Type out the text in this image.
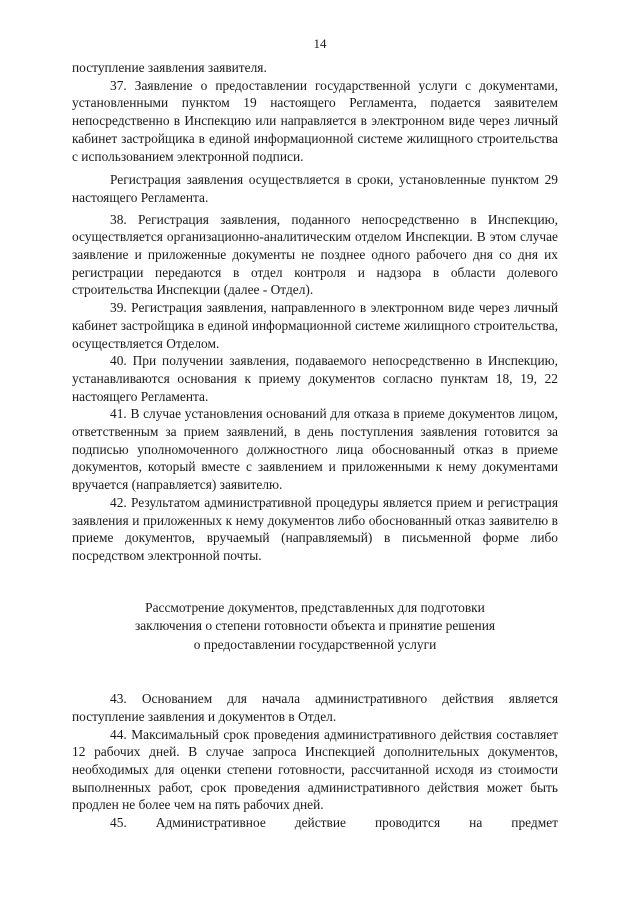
14

поступление заявления заявителя.

37. Заявление о предоставлении государственной услуги с документами, установленными пунктом 19 настоящего Регламента, подается заявителем непосредственно в Инспекцию или направляется в электронном виде через личный кабинет застройщика в единой информационной системе жилищного строительства с использованием электронной подписи.

Регистрация заявления осуществляется в сроки, установленные пунктом 29 настоящего Регламента.

38. Регистрация заявления, поданного непосредственно в Инспекцию, осуществляется организационно-аналитическим отделом Инспекции. В этом случае заявление и приложенные документы не позднее одного рабочего дня со дня их регистрации передаются в отдел контроля и надзора в области долевого строительства Инспекции (далее - Отдел).

39. Регистрация заявления, направленного в электронном виде через личный кабинет застройщика в единой информационной системе жилищного строительства, осуществляется Отделом.

40. При получении заявления, подаваемого непосредственно в Инспекцию, устанавливаются основания к приему документов согласно пунктам 18, 19, 22 настоящего Регламента.

41. В случае установления оснований для отказа в приеме документов лицом, ответственным за прием заявлений, в день поступления заявления готовится за подписью уполномоченного должностного лица обоснованный отказ в приеме документов, который вместе с заявлением и приложенными к нему документами вручается (направляется) заявителю.

42. Результатом административной процедуры является прием и регистрация заявления и приложенных к нему документов либо обоснованный отказ заявителю в приеме документов, вручаемый (направляемый) в письменной форме либо посредством электронной почты.

Рассмотрение документов, представленных для подготовки
заключения о степени готовности объекта и принятие решения
о предоставлении государственной услуги

43. Основанием для начала административного действия является поступление заявления и документов в Отдел.

44. Максимальный срок проведения административного действия составляет 12 рабочих дней. В случае запроса Инспекцией дополнительных документов, необходимых для оценки степени готовности, рассчитанной исходя из стоимости выполненных работ, срок проведения административного действия может быть продлен не более чем на пять рабочих дней.

45. Административное действие проводится на предмет
